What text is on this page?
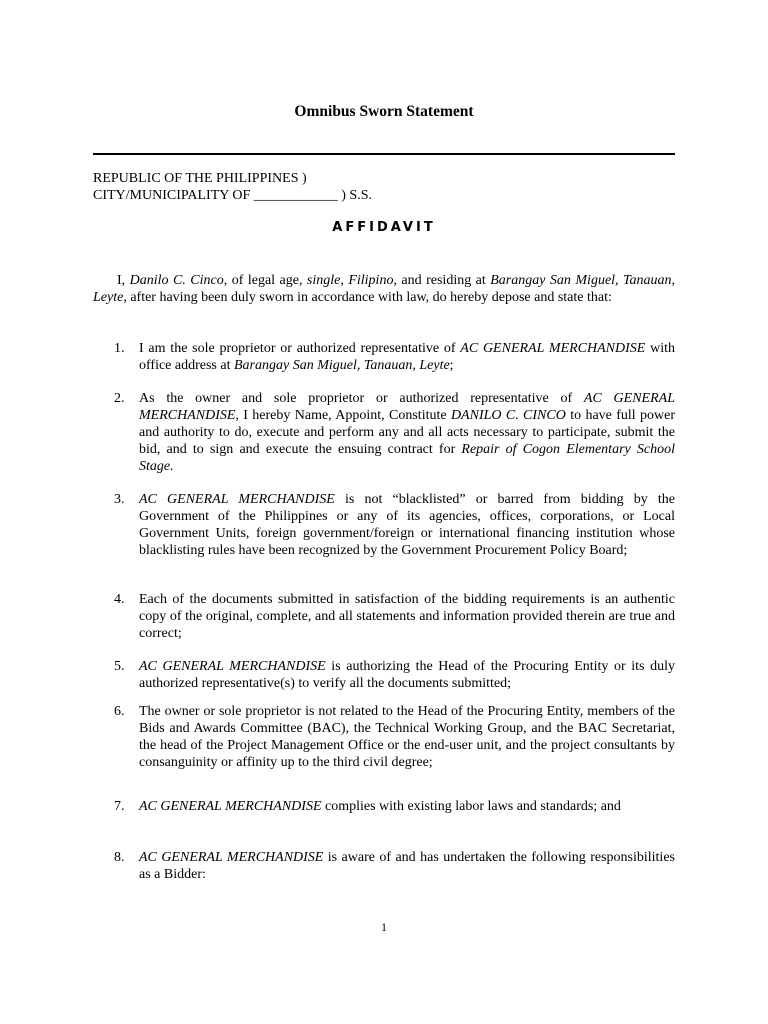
Omnibus Sworn Statement
REPUBLIC OF THE PHILIPPINES )
CITY/MUNICIPALITY OF ____________ ) S.S.
AFFIDAVIT

I, Danilo C. Cinco, of legal age, single, Filipino, and residing at Barangay San Miguel, Tanauan, Leyte, after having been duly sworn in accordance with law, do hereby depose and state that:

1. I am the sole proprietor or authorized representative of AC GENERAL MERCHANDISE with office address at Barangay San Miguel, Tanauan, Leyte;
2. As the owner and sole proprietor or authorized representative of AC GENERAL MERCHANDISE, I hereby Name, Appoint, Constitute DANILO C. CINCO to have full power and authority to do, execute and perform any and all acts necessary to participate, submit the bid, and to sign and execute the ensuing contract for Repair of Cogon Elementary School Stage.
3. AC GENERAL MERCHANDISE is not “blacklisted” or barred from bidding by the Government of the Philippines or any of its agencies, offices, corporations, or Local Government Units, foreign government/foreign or international financing institution whose blacklisting rules have been recognized by the Government Procurement Policy Board;
4. Each of the documents submitted in satisfaction of the bidding requirements is an authentic copy of the original, complete, and all statements and information provided therein are true and correct;
5. AC GENERAL MERCHANDISE is authorizing the Head of the Procuring Entity or its duly authorized representative(s) to verify all the documents submitted;
6. The owner or sole proprietor is not related to the Head of the Procuring Entity, members of the Bids and Awards Committee (BAC), the Technical Working Group, and the BAC Secretariat, the head of the Project Management Office or the end-user unit, and the project consultants by consanguinity or affinity up to the third civil degree;
7. AC GENERAL MERCHANDISE complies with existing labor laws and standards; and
8. AC GENERAL MERCHANDISE is aware of and has undertaken the following responsibilities as a Bidder:
1
